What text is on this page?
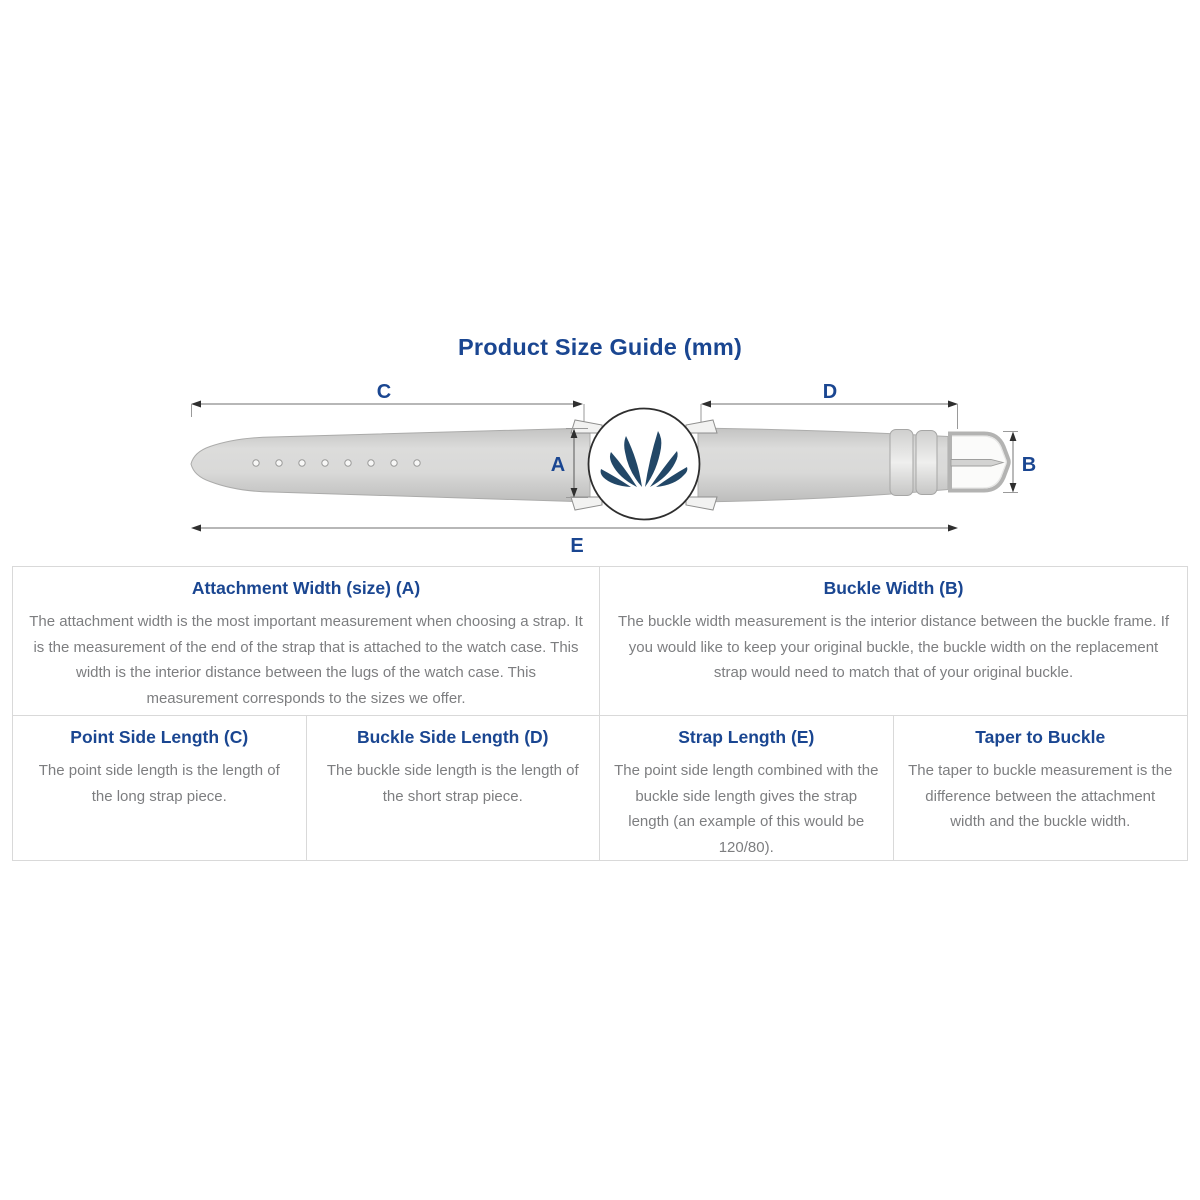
Product Size Guide (mm)
C	D
E
B
A
Attachment Width (size) (A)

The attachment width is the most important measurement when choosing a strap. It is the measurement of the end of the strap that is attached to the watch case. This width is the interior distance between the lugs of the watch case. This measurement corresponds to the sizes we offer.

Buckle Width (B)

The buckle width measurement is the interior distance between the buckle frame. If you would like to keep your original buckle, the buckle width on the replacement strap would need to match that of your original buckle.

Point Side Length (C)

The point side length is the length of the long strap piece.

Buckle Side Length (D)

The buckle side length is the length of the short strap piece.

Strap Length (E)

The point side length combined with the buckle side length gives the strap length (an example of this would be 120/80).

Taper to Buckle

The taper to buckle measurement is the difference between the attachment width and the buckle width.
